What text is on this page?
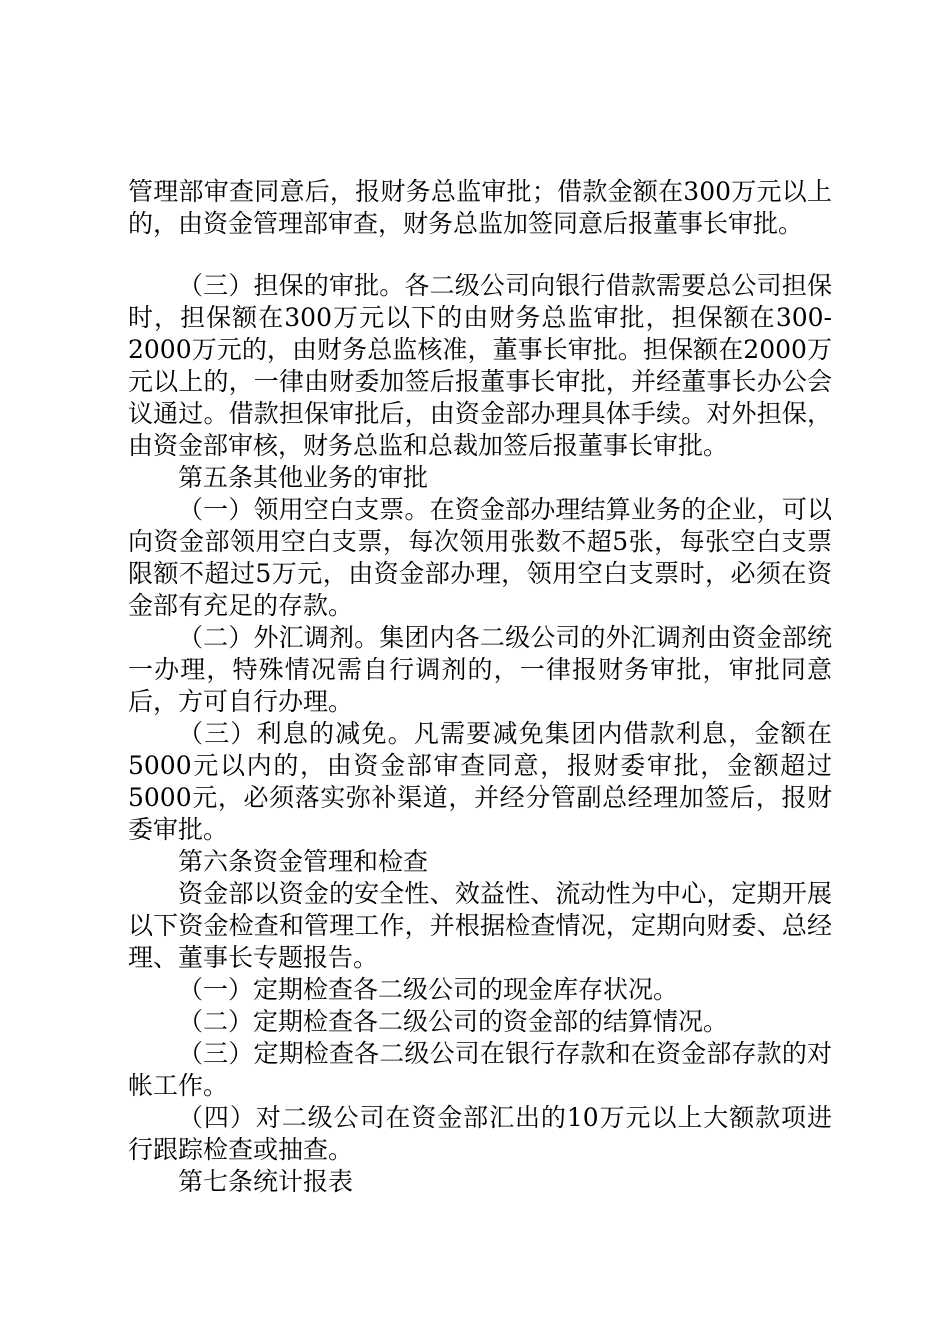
管理部审查同意后，报财务总监审批；借款金额在300万元以上的，由资金管理部审查，财务总监加签同意后报董事长审批。

（三）担保的审批。各二级公司向银行借款需要总公司担保时，担保额在300万元以下的由财务总监审批，担保额在300-2000万元的，由财务总监核准，董事长审批。担保额在2000万元以上的，一律由财委加签后报董事长审批，并经董事长办公会议通过。借款担保审批后，由资金部办理具体手续。对外担保，由资金部审核，财务总监和总裁加签后报董事长审批。

第五条其他业务的审批

（一）领用空白支票。在资金部办理结算业务的企业，可以向资金部领用空白支票，每次领用张数不超5张，每张空白支票限额不超过5万元，由资金部办理，领用空白支票时，必须在资金部有充足的存款。

（二）外汇调剂。集团内各二级公司的外汇调剂由资金部统一办理，特殊情况需自行调剂的，一律报财务审批，审批同意后，方可自行办理。

（三）利息的减免。凡需要减免集团内借款利息，金额在5000元以内的，由资金部审查同意，报财委审批，金额超过5000元，必须落实弥补渠道，并经分管副总经理加签后，报财委审批。

第六条资金管理和检查

资金部以资金的安全性、效益性、流动性为中心，定期开展以下资金检查和管理工作，并根据检查情况，定期向财委、总经理、董事长专题报告。

（一）定期检查各二级公司的现金库存状况。

（二）定期检查各二级公司的资金部的结算情况。

（三）定期检查各二级公司在银行存款和在资金部存款的对帐工作。

（四）对二级公司在资金部汇出的10万元以上大额款项进行跟踪检查或抽查。

第七条统计报表
